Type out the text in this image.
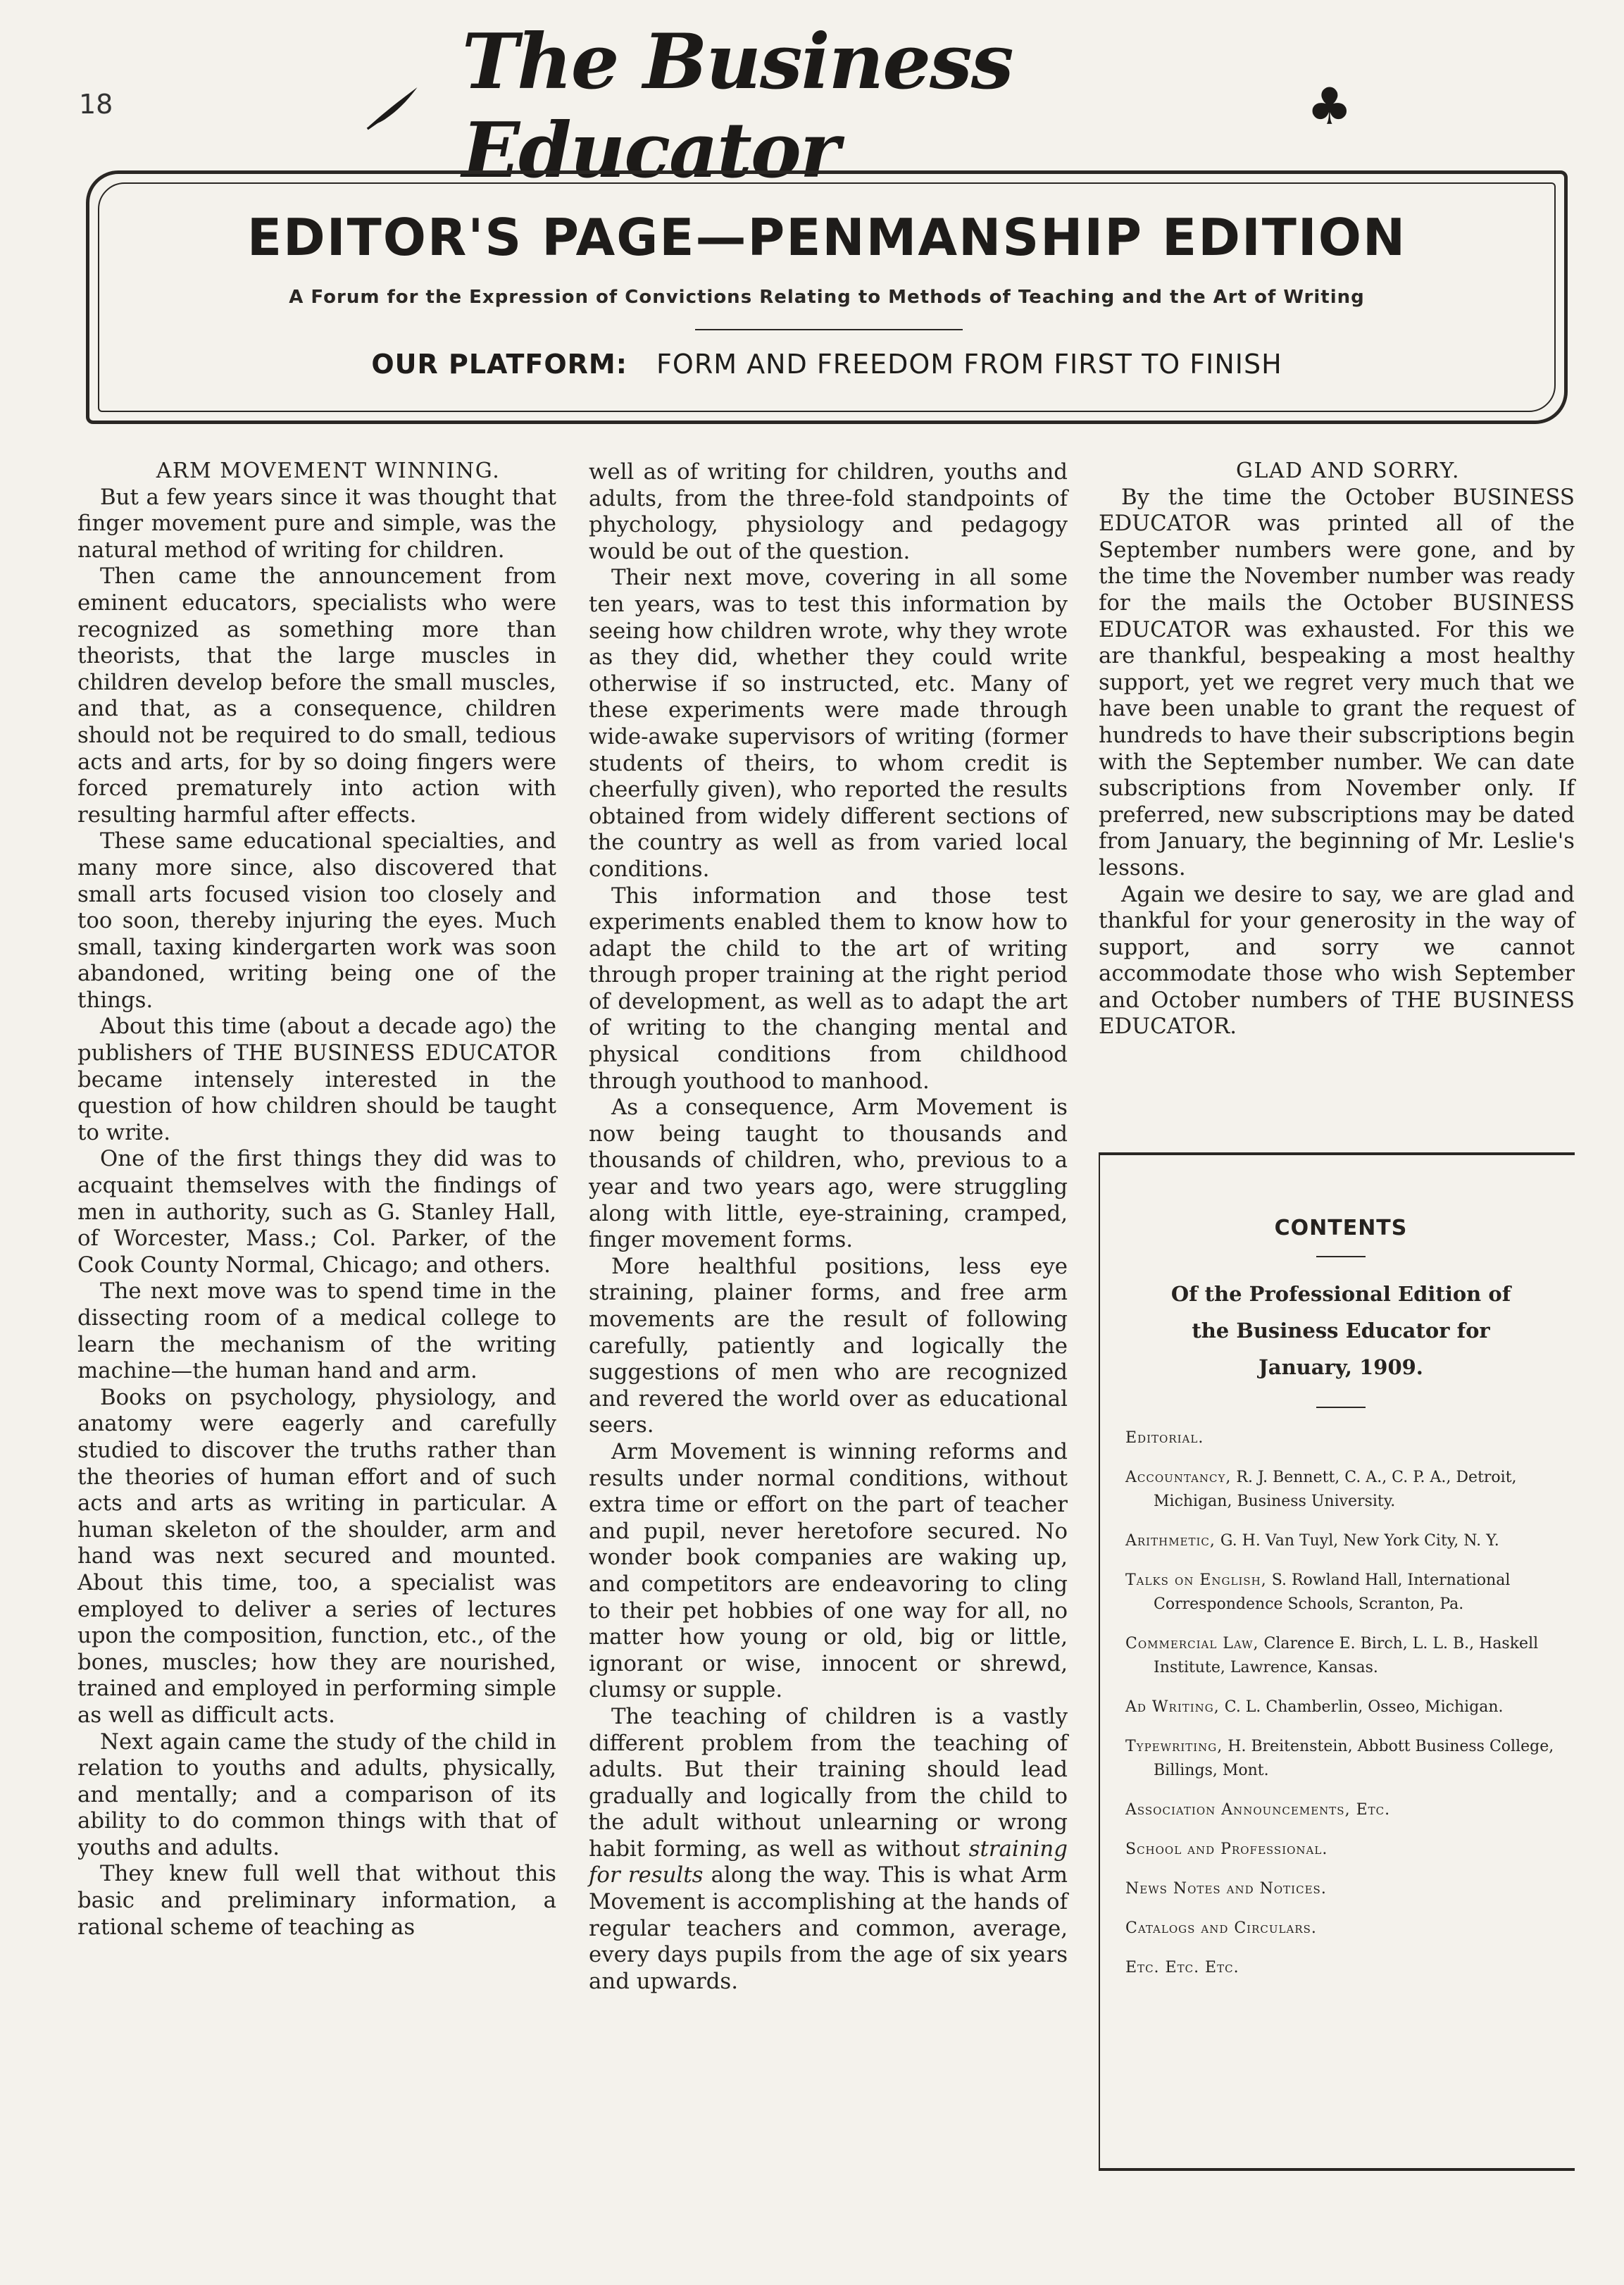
18	The Business Educator	♣
EDITOR'S PAGE—PENMANSHIP EDITION
A Forum for the Expression of Convictions Relating to Methods of Teaching and the Art of Writing
OUR PLATFORM: FORM AND FREEDOM FROM FIRST TO FINISH

ARM MOVEMENT WINNING.

But a few years since it was thought that finger movement pure and simple, was the natural method of writing for children.

Then came the announcement from eminent educators, specialists who were recognized as something more than theorists, that the large muscles in children develop before the small muscles, and that, as a consequence, children should not be required to do small, tedious acts and arts, for by so doing fingers were forced prematurely into action with resulting harmful after effects.

These same educational specialties, and many more since, also discovered that small arts focused vision too closely and too soon, thereby injuring the eyes. Much small, taxing kindergarten work was soon abandoned, writing being one of the things.

About this time (about a decade ago) the publishers of THE BUSINESS EDUCATOR became intensely interested in the question of how children should be taught to write.

One of the first things they did was to acquaint themselves with the findings of men in authority, such as G. Stanley Hall, of Worcester, Mass.; Col. Parker, of the Cook County Normal, Chicago; and others.

The next move was to spend time in the dissecting room of a medical college to learn the mechanism of the writing machine—the human hand and arm.

Books on psychology, physiology, and anatomy were eagerly and carefully studied to discover the truths rather than the theories of human effort and of such acts and arts as writing in particular. A human skeleton of the shoulder, arm and hand was next secured and mounted. About this time, too, a specialist was employed to deliver a series of lectures upon the composition, function, etc., of the bones, muscles; how they are nourished, trained and employed in performing simple as well as difficult acts.

Next again came the study of the child in relation to youths and adults, physically, and mentally; and a comparison of its ability to do common things with that of youths and adults.

They knew full well that without this basic and preliminary information, a rational scheme of teaching as

well as of writing for children, youths and adults, from the three-fold standpoints of phychology, physiology and pedagogy would be out of the question.

Their next move, covering in all some ten years, was to test this information by seeing how children wrote, why they wrote as they did, whether they could write otherwise if so instructed, etc. Many of these experiments were made through wide-awake supervisors of writing (former students of theirs, to whom credit is cheerfully given), who reported the results obtained from widely different sections of the country as well as from varied local conditions.

This information and those test experiments enabled them to know how to adapt the child to the art of writing through proper training at the right period of development, as well as to adapt the art of writing to the changing mental and physical conditions from childhood through youthood to manhood.

As a consequence, Arm Movement is now being taught to thousands and thousands of children, who, previous to a year and two years ago, were struggling along with little, eye-straining, cramped, finger movement forms.

More healthful positions, less eye straining, plainer forms, and free arm movements are the result of following carefully, patiently and logically the suggestions of men who are recognized and revered the world over as educational seers.

Arm Movement is winning reforms and results under normal conditions, without extra time or effort on the part of teacher and pupil, never heretofore secured. No wonder book companies are waking up, and competitors are endeavoring to cling to their pet hobbies of one way for all, no matter how young or old, big or little, ignorant or wise, innocent or shrewd, clumsy or supple.

The teaching of children is a vastly different problem from the teaching of adults. But their training should lead gradually and logically from the child to the adult without unlearning or wrong habit forming, as well as without straining for results along the way. This is what Arm Movement is accomplishing at the hands of regular teachers and common, average, every days pupils from the age of six years and upwards.

GLAD AND SORRY.

By the time the October BUSINESS EDUCATOR was printed all of the September numbers were gone, and by the time the November number was ready for the mails the October BUSINESS EDUCATOR was exhausted. For this we are thankful, bespeaking a most healthy support, yet we regret very much that we have been unable to grant the request of hundreds to have their subscriptions begin with the September number. We can date subscriptions from November only. If preferred, new subscriptions may be dated from January, the beginning of Mr. Leslie's lessons.

Again we desire to say, we are glad and thankful for your generosity in the way of support, and sorry we cannot accommodate those who wish September and October numbers of THE BUSINESS EDUCATOR.

CONTENTS
Of the Professional Edition of
the Business Educator for
January, 1909.
Editorial.
Accountancy, R. J. Bennett, C. A., C. P. A., Detroit, Michigan, Business University.
Arithmetic, G. H. Van Tuyl, New York City, N. Y.
Talks on English, S. Rowland Hall, International Correspondence Schools, Scranton, Pa.
Commercial Law, Clarence E. Birch, L. L. B., Haskell Institute, Lawrence, Kansas.
Ad Writing, C. L. Chamberlin, Osseo, Michigan.
Typewriting, H. Breitenstein, Abbott Business College, Billings, Mont.
Association Announcements, Etc.
School and Professional.
News Notes and Notices.
Catalogs and Circulars.
Etc. Etc. Etc.
